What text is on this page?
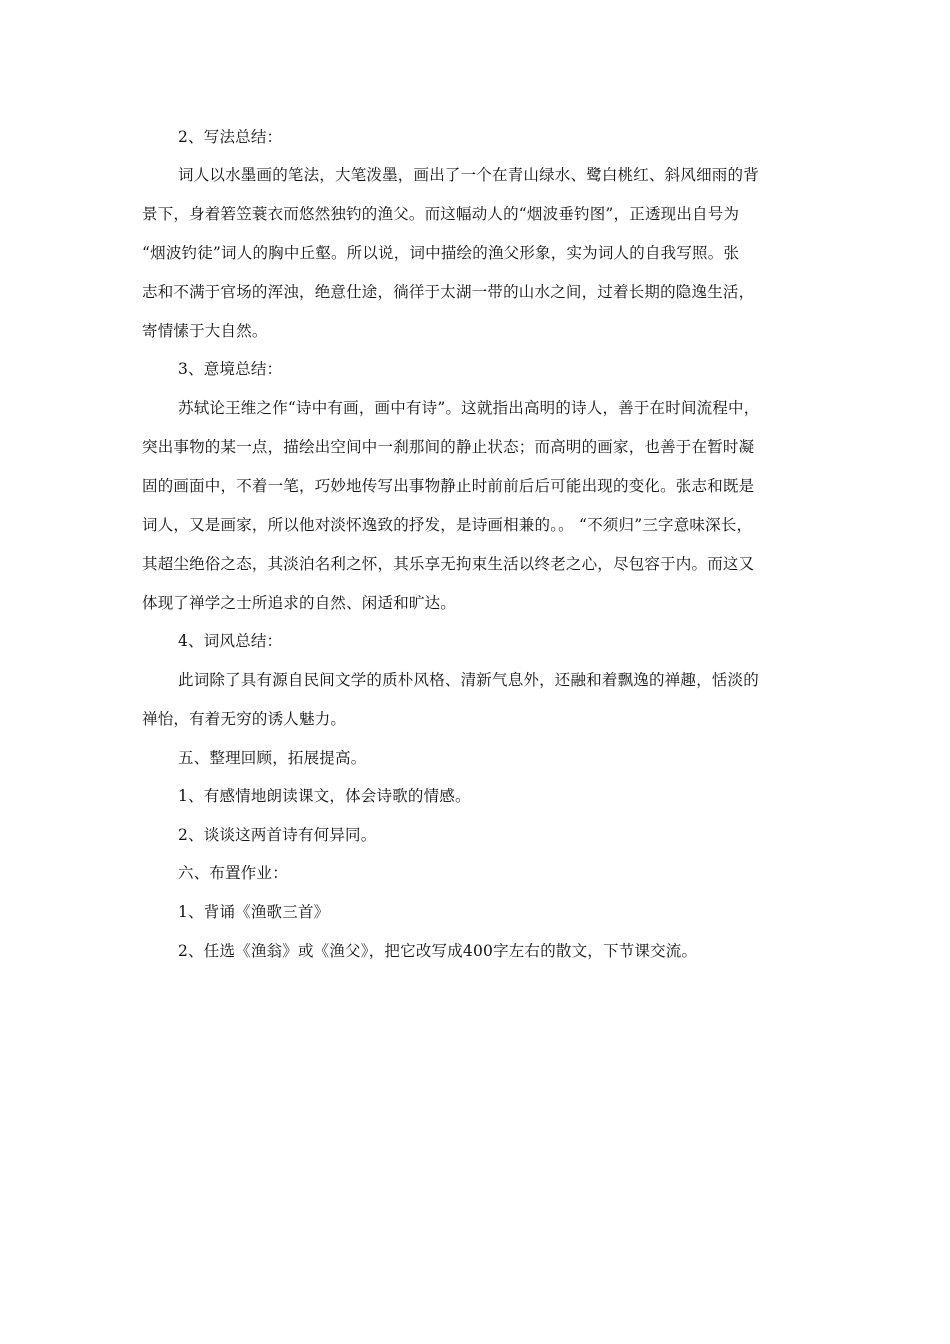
2、写法总结：
词人以水墨画的笔法，大笔泼墨，画出了一个在青山绿水、鹭白桃红、斜风细雨的背
景下，身着箬笠蓑衣而悠然独钓的渔父。而这幅动人的“烟波垂钓图”，正透现出自号为
“烟波钓徒”词人的胸中丘壑。所以说，词中描绘的渔父形象，实为词人的自我写照。张
志和不满于官场的浑浊，绝意仕途，徜徉于太湖一带的山水之间，过着长期的隐逸生活，
寄情愫于大自然。
3、意境总结：
苏轼论王维之作“诗中有画，画中有诗”。这就指出高明的诗人，善于在时间流程中，
突出事物的某一点，描绘出空间中一刹那间的静止状态；而高明的画家，也善于在暂时凝
固的画面中，不着一笔，巧妙地传写出事物静止时前前后后可能出现的变化。张志和既是
词人，又是画家，所以他对淡怀逸致的抒发，是诗画相兼的。。 “不须归”三字意味深长，
其超尘绝俗之态，其淡泊名利之怀，其乐享无拘束生活以终老之心，尽包容于内。而这又
体现了禅学之士所追求的自然、闲适和旷达。
4、词风总结：
此词除了具有源自民间文学的质朴风格、清新气息外，还融和着飘逸的禅趣，恬淡的
禅怡，有着无穷的诱人魅力。
五、整理回顾，拓展提高。
1、有感情地朗读课文，体会诗歌的情感。
2、谈谈这两首诗有何异同。
六、布置作业：
1、背诵《渔歌三首》
2、任选《渔翁》或《渔父》，把它改写成400字左右的散文，下节课交流。
